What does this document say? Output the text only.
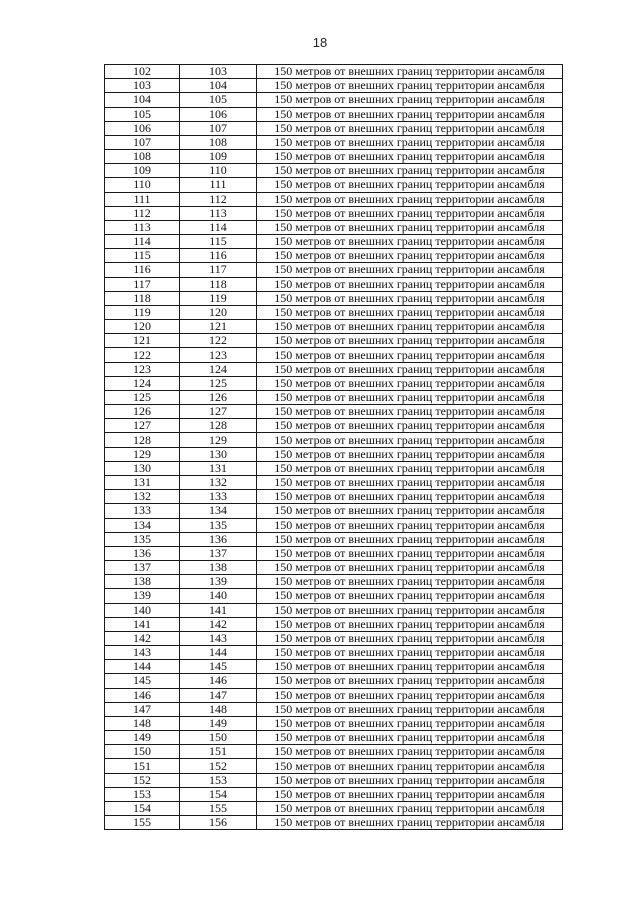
18
102	103	150 метров от внешних границ территории ансамбля
103	104	150 метров от внешних границ территории ансамбля
104	105	150 метров от внешних границ территории ансамбля
105	106	150 метров от внешних границ территории ансамбля
106	107	150 метров от внешних границ территории ансамбля
107	108	150 метров от внешних границ территории ансамбля
108	109	150 метров от внешних границ территории ансамбля
109	110	150 метров от внешних границ территории ансамбля
110	111	150 метров от внешних границ территории ансамбля
111	112	150 метров от внешних границ территории ансамбля
112	113	150 метров от внешних границ территории ансамбля
113	114	150 метров от внешних границ территории ансамбля
114	115	150 метров от внешних границ территории ансамбля
115	116	150 метров от внешних границ территории ансамбля
116	117	150 метров от внешних границ территории ансамбля
117	118	150 метров от внешних границ территории ансамбля
118	119	150 метров от внешних границ территории ансамбля
119	120	150 метров от внешних границ территории ансамбля
120	121	150 метров от внешних границ территории ансамбля
121	122	150 метров от внешних границ территории ансамбля
122	123	150 метров от внешних границ территории ансамбля
123	124	150 метров от внешних границ территории ансамбля
124	125	150 метров от внешних границ территории ансамбля
125	126	150 метров от внешних границ территории ансамбля
126	127	150 метров от внешних границ территории ансамбля
127	128	150 метров от внешних границ территории ансамбля
128	129	150 метров от внешних границ территории ансамбля
129	130	150 метров от внешних границ территории ансамбля
130	131	150 метров от внешних границ территории ансамбля
131	132	150 метров от внешних границ территории ансамбля
132	133	150 метров от внешних границ территории ансамбля
133	134	150 метров от внешних границ территории ансамбля
134	135	150 метров от внешних границ территории ансамбля
135	136	150 метров от внешних границ территории ансамбля
136	137	150 метров от внешних границ территории ансамбля
137	138	150 метров от внешних границ территории ансамбля
138	139	150 метров от внешних границ территории ансамбля
139	140	150 метров от внешних границ территории ансамбля
140	141	150 метров от внешних границ территории ансамбля
141	142	150 метров от внешних границ территории ансамбля
142	143	150 метров от внешних границ территории ансамбля
143	144	150 метров от внешних границ территории ансамбля
144	145	150 метров от внешних границ территории ансамбля
145	146	150 метров от внешних границ территории ансамбля
146	147	150 метров от внешних границ территории ансамбля
147	148	150 метров от внешних границ территории ансамбля
148	149	150 метров от внешних границ территории ансамбля
149	150	150 метров от внешних границ территории ансамбля
150	151	150 метров от внешних границ территории ансамбля
151	152	150 метров от внешних границ территории ансамбля
152	153	150 метров от внешних границ территории ансамбля
153	154	150 метров от внешних границ территории ансамбля
154	155	150 метров от внешних границ территории ансамбля
155	156	150 метров от внешних границ территории ансамбля
